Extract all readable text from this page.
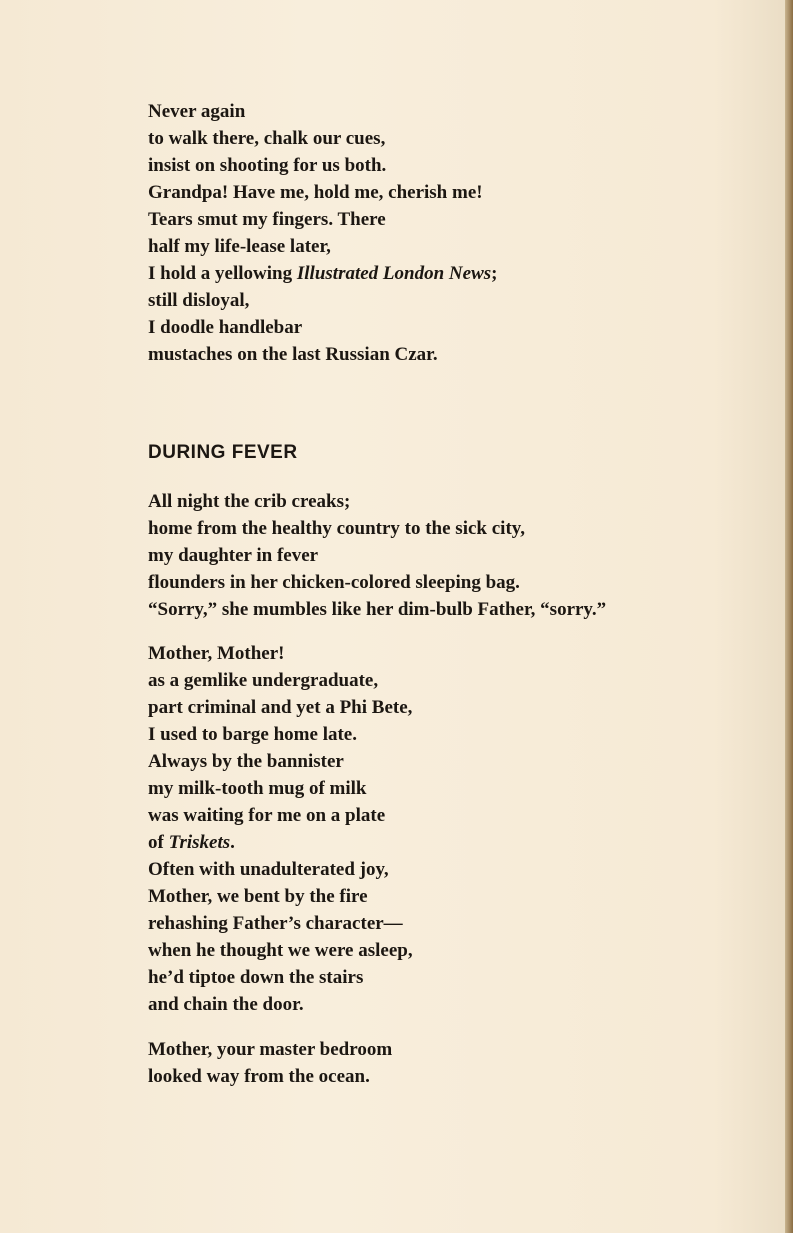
Never again
to walk there, chalk our cues,
insist on shooting for us both.
Grandpa! Have me, hold me, cherish me!
Tears smut my fingers. There
half my life-lease later,
I hold a yellowing Illustrated London News;
still disloyal,
I doodle handlebar
mustaches on the last Russian Czar.
DURING FEVER
All night the crib creaks;
home from the healthy country to the sick city,
my daughter in fever
flounders in her chicken-colored sleeping bag.
“Sorry,” she mumbles like her dim-bulb Father, “sorry.”
Mother, Mother!
as a gemlike undergraduate,
part criminal and yet a Phi Bete,
I used to barge home late.
Always by the bannister
my milk-tooth mug of milk
was waiting for me on a plate
of Triskets.
Often with unadulterated joy,
Mother, we bent by the fire
rehashing Father’s character—
when he thought we were asleep,
he’d tiptoe down the stairs
and chain the door.
Mother, your master bedroom
looked way from the ocean.
